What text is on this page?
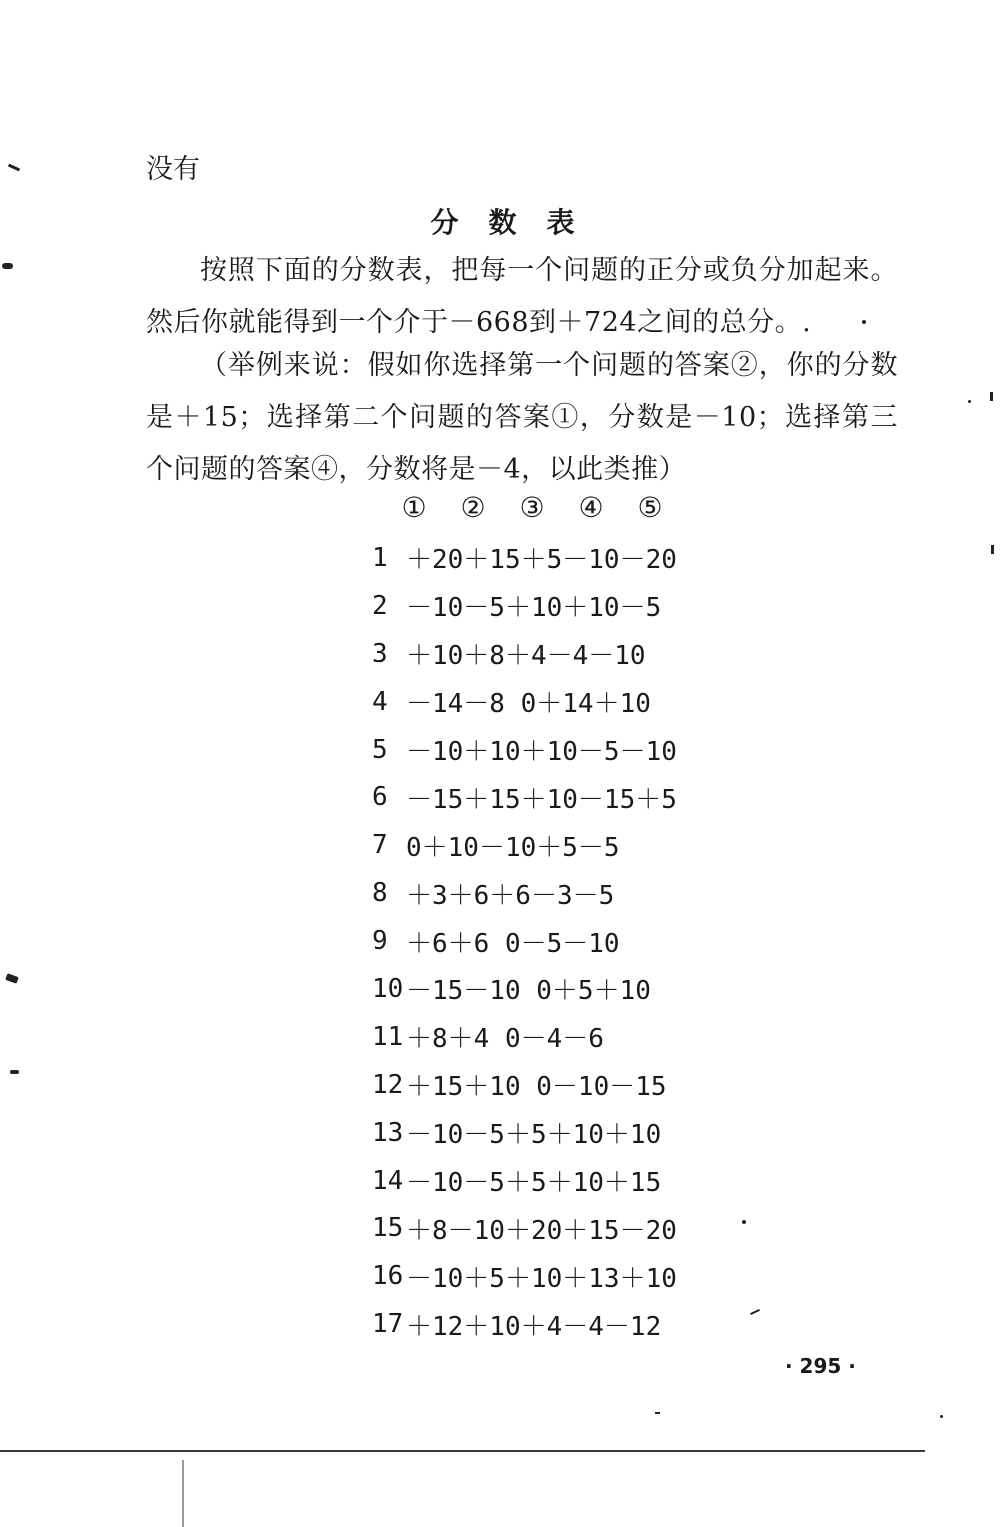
没有
分数表
按照下面的分数表，把每一个问题的正分或负分加起来。然后你就能得到一个介于－668到＋724之间的总分。.
（举例来说：假如你选择第一个问题的答案②，你的分数是＋15；选择第二个问题的答案①，分数是－10；选择第三个问题的答案④，分数将是－4，以此类推）
① ② ③ ④ ⑤
1 ＋20＋15＋5－10－20
2 －10－5＋10＋10－5
3 ＋10＋8＋4－4－10
4 －14－8 0＋14＋10
5 －10＋10＋10－5－10
6 －15＋15＋10－15＋5
7 0＋10－10＋5－5
8 ＋3＋6＋6－3－5
9 ＋6＋6 0－5－10
10 －15－10 0＋5＋10
11 ＋8＋4 0－4－6
12 ＋15＋10 0－10－15
13 －10－5＋5＋10＋10
14 －10－5＋5＋10＋15
15 ＋8－10＋20＋15－20
16 －10＋5＋10＋13＋10
17 ＋12＋10＋4－4－12
· 295 ·
